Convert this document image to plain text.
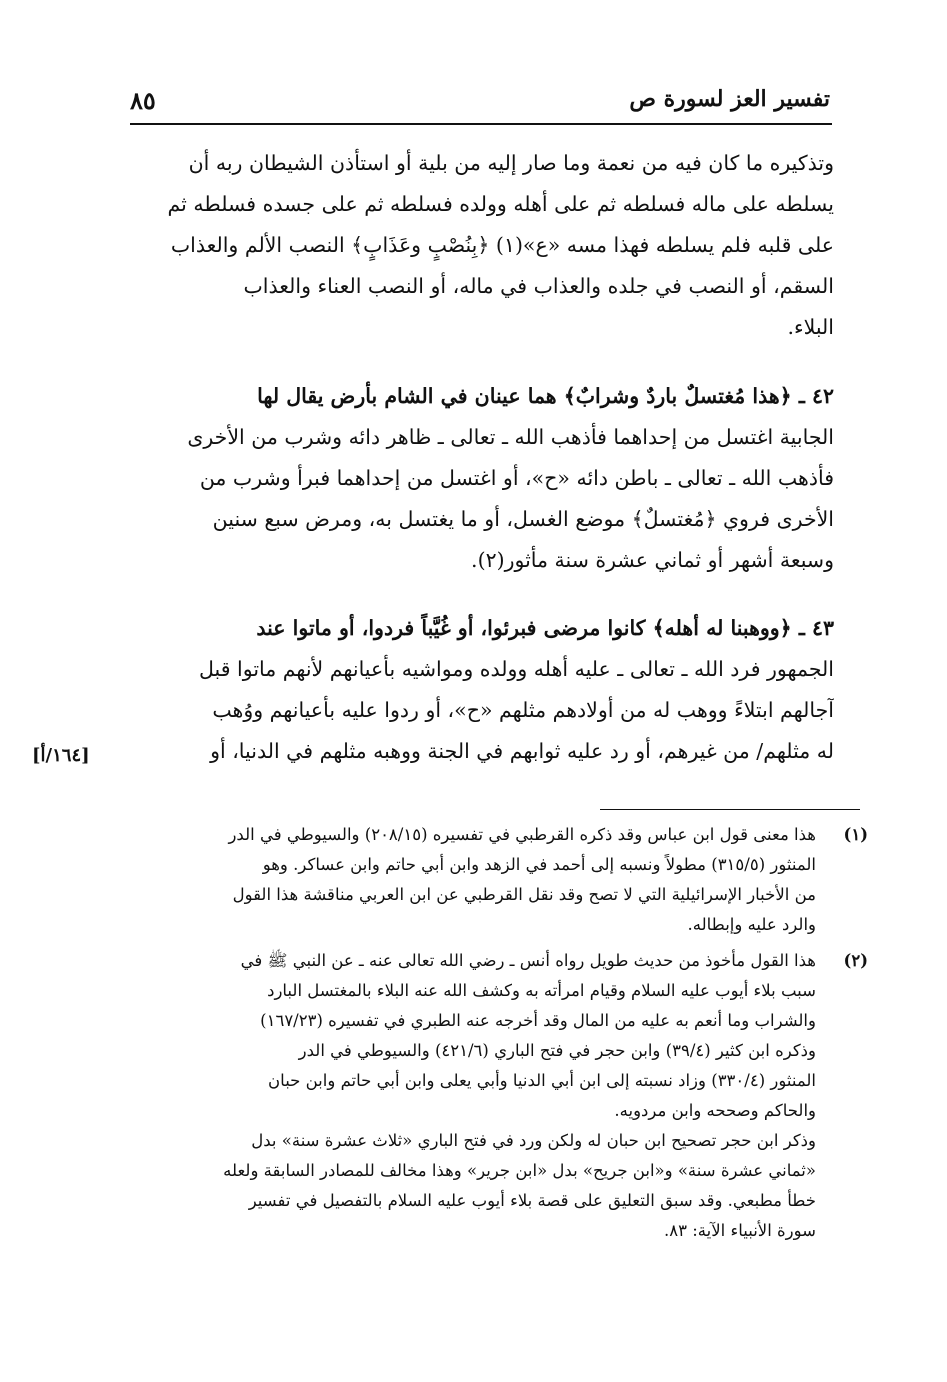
٨٥	تفسير العز لسورة ص
وتذكيره ما كان فيه من نعمة وما صار إليه من بلية أو استأذن الشيطان ربه أن
يسلطه على ماله فسلطه ثم على أهله وولده فسلطه ثم على جسده فسلطه ثم
على قلبه فلم يسلطه فهذا مسه «ع»(١) ﴿بِنُصْبٍ وعَذَابٍ﴾ النصب الألم والعذاب
السقم، أو النصب في جلده والعذاب في ماله، أو النصب العناء والعذاب
البلاء.
٤٢ ـ ﴿هذا مُغتسلٌ باردٌ وشرابٌ﴾ هما عينان في الشام بأرض يقال لها
الجابية اغتسل من إحداهما فأذهب الله ـ تعالى ـ ظاهر دائه وشرب من الأخرى
فأذهب الله ـ تعالى ـ باطن دائه «ح»، أو اغتسل من إحداهما فبرأ وشرب من
الأخرى فروي ﴿مُغتسلٌ﴾ موضع الغسل، أو ما يغتسل به، ومرض سبع سنين
وسبعة أشهر أو ثماني عشرة سنة مأثور(٢).
٤٣ ـ ﴿ووهبنا له أهله﴾ كانوا مرضى فبرئوا، أو غُيَّباً فردوا، أو ماتوا عند
الجمهور فرد الله ـ تعالى ـ عليه أهله وولده ومواشيه بأعيانهم لأنهم ماتوا قبل
آجالهم ابتلاءً ووهب له من أولادهم مثلهم «ح»، أو ردوا عليه بأعيانهم ووُهب
له مثلهم/ من غيرهم، أو رد عليه ثوابهم في الجنة ووهبه مثلهم في الدنيا، أو
[١٦٤/أ]
(١)
هذا معنى قول ابن عباس وقد ذكره القرطبي في تفسيره (٢٠٨/١٥) والسيوطي في الدر
المنثور (٣١٥/٥) مطولاً ونسبه إلى أحمد في الزهد وابن أبي حاتم وابن عساكر. وهو
من الأخبار الإسرائيلية التي لا تصح وقد نقل القرطبي عن ابن العربي مناقشة هذا القول
والرد عليه وإبطاله.
(٢)
هذا القول مأخوذ من حديث طويل رواه أنس ـ رضي الله تعالى عنه ـ عن النبي ﷺ في
سبب بلاء أيوب عليه السلام وقيام امرأته به وكشف الله عنه البلاء بالمغتسل البارد
والشراب وما أنعم به عليه من المال وقد أخرجه عنه الطبري في تفسيره (١٦٧/٢٣)
وذكره ابن كثير (٣٩/٤) وابن حجر في فتح الباري (٤٢١/٦) والسيوطي في الدر
المنثور (٣٣٠/٤) وزاد نسبته إلى ابن أبي الدنيا وأبي يعلى وابن أبي حاتم وابن حبان
والحاكم وصححه وابن مردويه.
وذكر ابن حجر تصحيح ابن حبان له ولكن ورد في فتح الباري «ثلاث عشرة سنة» بدل
«ثماني عشرة سنة» و«ابن جريح» بدل «ابن جرير» وهذا مخالف للمصادر السابقة ولعله
خطأ مطبعي. وقد سبق التعليق على قصة بلاء أيوب عليه السلام بالتفصيل في تفسير
سورة الأنبياء الآية: ٨٣.
